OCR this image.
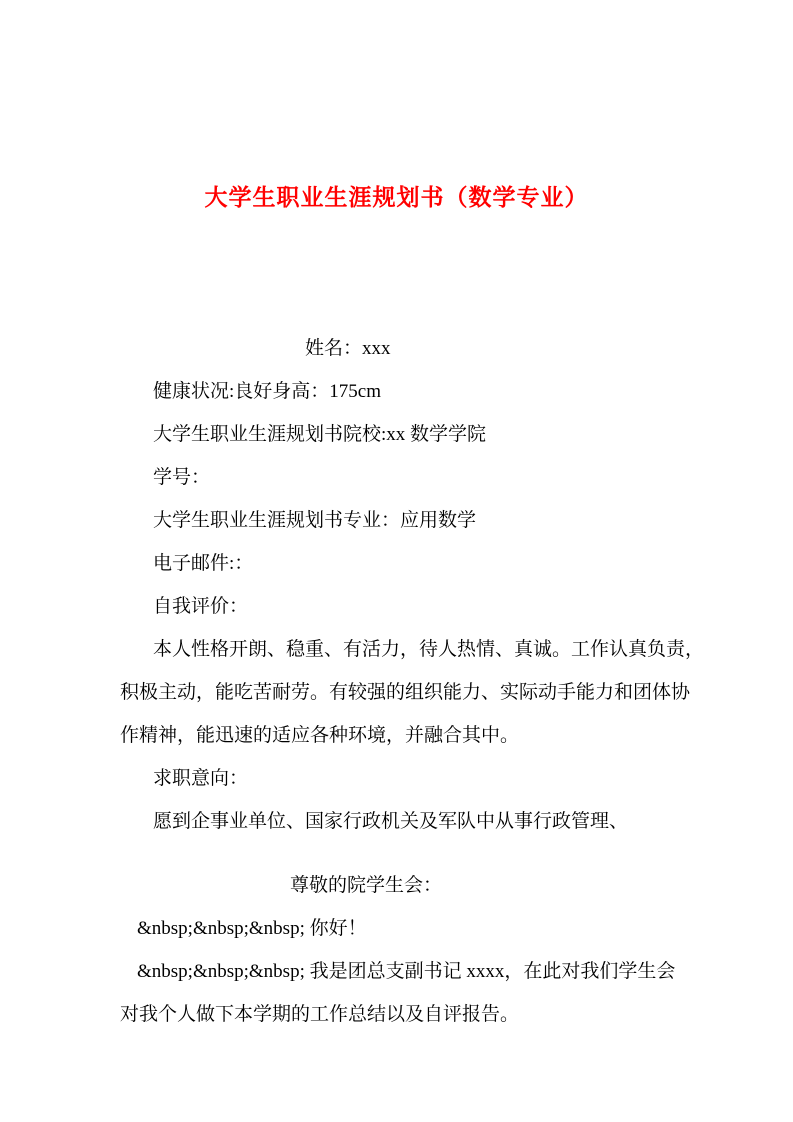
大学生职业生涯规划书（数学专业）
姓名：xxx
健康状况:良好身高：175cm
大学生职业生涯规划书院校:xx 数学学院
学号：
大学生职业生涯规划书专业：应用数学
电子邮件:：
自我评价：
本人性格开朗、稳重、有活力，待人热情、真诚。工作认真负责，
积极主动，能吃苦耐劳。有较强的组织能力、实际动手能力和团体协
作精神，能迅速的适应各种环境，并融合其中。
求职意向：
愿到企事业单位、国家行政机关及军队中从事行政管理、
尊敬的院学生会：
&nbsp;&nbsp;&nbsp; 你好！
&nbsp;&nbsp;&nbsp; 我是团总支副书记 xxxx，在此对我们学生会
对我个人做下本学期的工作总结以及自评报告。
